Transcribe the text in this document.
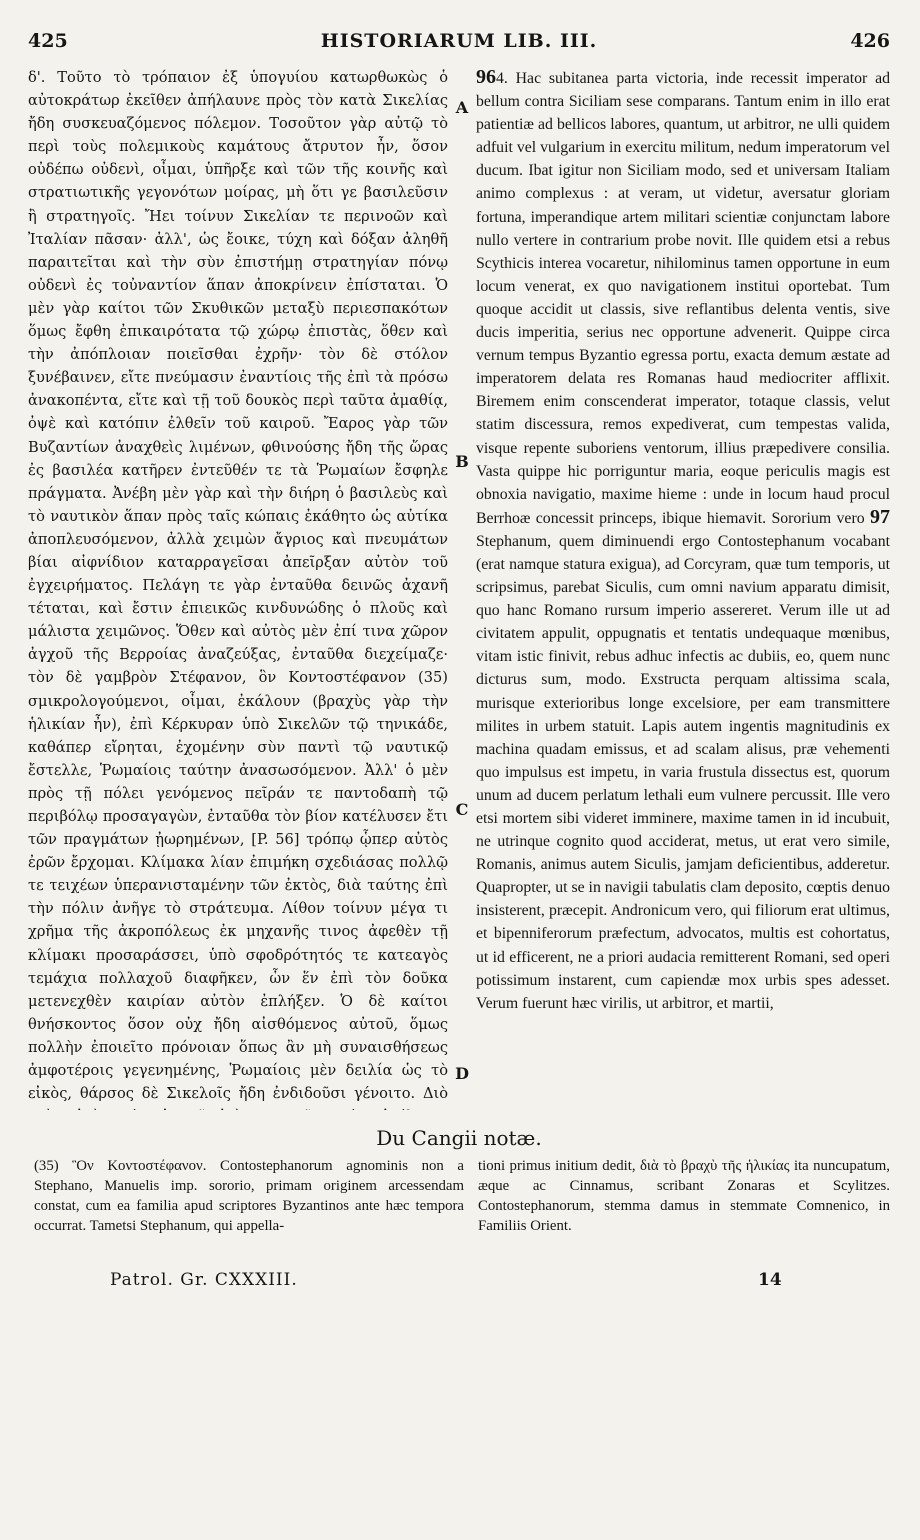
425	HISTORIARUM LIB. III.	426

δ'. Τοῦτο τὸ τρόπαιον ἐξ ὑπογυίου κατωρθωκὼς ὁ αὐτοκράτωρ ἐκεῖθεν ἀπήλαυνε πρὸς τὸν κατὰ Σικελίας ἤδη συσκευαζόμενος πόλεμον. Τοσοῦτον γὰρ αὐτῷ τὸ περὶ τοὺς πολεμικοὺς καμάτους ἄτρυτον ἦν, ὅσον οὐδέπω οὐδενὶ, οἶμαι, ὑπῆρξε καὶ τῶν τῆς κοινῆς καὶ στρατιωτικῆς γεγονότων μοίρας, μὴ ὅτι γε βασιλεῦσιν ἢ στρατηγοῖς. Ἤει τοίνυν Σικελίαν τε περινοῶν καὶ Ἰταλίαν πᾶσαν· ἀλλ', ὡς ἔοικε, τύχη καὶ δόξαν ἀληθῆ παραιτεῖται καὶ τὴν σὺν ἐπιστήμῃ στρατηγίαν πόνῳ οὐδενὶ ἐς τοὐναντίον ἅπαν ἀποκρίνειν ἐπίσταται. Ὁ μὲν γὰρ καίτοι τῶν Σκυθικῶν μεταξὺ περιεσπακότων ὅμως ἔφθη ἐπικαιρότατα τῷ χώρῳ ἐπιστὰς, ὅθεν καὶ τὴν ἀπόπλοιαν ποιεῖσθαι ἐχρῆν· τὸν δὲ στόλον ξυνέβαινεν, εἴτε πνεύμασιν ἐναντίοις τῆς ἐπὶ τὰ πρόσω ἀνακοπέντα, εἴτε καὶ τῇ τοῦ δουκὸς περὶ ταῦτα ἀμαθίᾳ, ὀψὲ καὶ κατόπιν ἐλθεῖν τοῦ καιροῦ. Ἔαρος γὰρ τῶν Βυζαντίων ἀναχθεὶς λιμένων, φθινούσης ἤδη τῆς ὥρας ἐς βασιλέα κατῆρεν ἐντεῦθέν τε τὰ Ῥωμαίων ἔσφηλε πράγματα. Ἀνέβη μὲν γὰρ καὶ τὴν διήρη ὁ βασιλεὺς καὶ τὸ ναυτικὸν ἅπαν πρὸς ταῖς κώπαις ἐκάθητο ὡς αὐτίκα ἀποπλευσόμενον, ἀλλὰ χειμὼν ἄγριος καὶ πνευμάτων βίαι αἰφνίδιον καταρραγεῖσαι ἀπεῖρξαν αὐτὸν τοῦ ἐγχειρήματος. Πελάγη τε γὰρ ἐνταῦθα δεινῶς ἀχανῆ τέταται, καὶ ἔστιν ἐπιεικῶς κινδυνώδης ὁ πλοῦς καὶ μάλιστα χειμῶνος. Ὅθεν καὶ αὐτὸς μὲν ἐπί τινα χῶρον ἀγχοῦ τῆς Βερροίας ἀναζεύξας, ἐνταῦθα διεχείμαζε· τὸν δὲ γαμβρὸν Στέφανον, ὃν Κοντοστέφανον (35) σμικρολογούμενοι, οἶμαι, ἐκάλουν (βραχὺς γὰρ τὴν ἡλικίαν ἦν), ἐπὶ Κέρκυραν ὑπὸ Σικελῶν τῷ τηνικάδε, καθάπερ εἴρηται, ἐχομένην σὺν παντὶ τῷ ναυτικῷ ἔστελλε, Ῥωμαίοις ταύτην ἀνασωσόμενον. Ἀλλ' ὁ μὲν πρὸς τῇ πόλει γενόμενος πεῖράν τε παντοδαπὴ τῷ περιβόλῳ προσαγαγὼν, ἐνταῦθα τὸν βίον κατέλυσεν ἔτι τῶν πραγμάτων ᾐωρημένων, [P. 56] τρόπῳ ᾧπερ αὐτὸς ἐρῶν ἔρχομαι. Κλίμακα λίαν ἐπιμήκη σχεδιάσας πολλῷ τε τειχέων ὑπερανισταμένην τῶν ἐκτὸς, διὰ ταύτης ἐπὶ τὴν πόλιν ἀνῆγε τὸ στράτευμα. Λίθον τοίνυν μέγα τι χρῆμα τῆς ἀκροπόλεως ἐκ μηχανῆς τινος ἀφεθὲν τῇ κλίμακι προσαράσσει, ὑπὸ σφοδρότητός τε κατεαγὸς τεμάχια πολλαχοῦ διαφῆκεν, ὧν ἕν ἐπὶ τὸν δοῦκα μετενεχθὲν καιρίαν αὐτὸν ἐπλήξεν. Ὁ δὲ καίτοι θνήσκοντος ὅσον οὐχ ἤδη αἰσθόμενος αὐτοῦ, ὅμως πολλὴν ἐποιεῖτο πρόνοιαν ὅπως ἂν μὴ συναισθήσεως ἀμφοτέροις γεγενημένης, Ῥωμαίοις μὲν δειλία ὡς τὸ εἰκὸς, θάρσος δὲ Σικελοῖς ἤδη ἐνδιδοῦσι γένοιτο. Διὸ

A
B
C
D

964. Hac subitanea parta victoria, inde recessit imperator ad bellum contra Siciliam sese comparans. Tantum enim in illo erat patientiæ ad bellicos labores, quantum, ut arbitror, ne ulli quidem adfuit vel vulgarium in exercitu militum, nedum imperatorum vel ducum. Ibat igitur non Siciliam modo, sed et universam Italiam animo complexus : at veram, ut videtur, aversatur gloriam fortuna, imperandique artem militari scientiæ conjunctam labore nullo vertere in contrarium probe novit. Ille quidem etsi a rebus Scythicis interea vocaretur, nihilominus tamen opportune in eum locum venerat, ex quo navigationem institui oportebat. Tum quoque accidit ut classis, sive reflantibus delenta ventis, sive ducis imperitia, serius nec opportune advenerit. Quippe circa vernum tempus Byzantio egressa portu, exacta demum æstate ad imperatorem delata res Romanas haud mediocriter afflixit. Biremem enim conscenderat imperator, totaque classis, velut statim discessura, remos expediverat, cum tempestas valida, visque repente suboriens ventorum, illius præpedivere consilia. Vasta quippe hic porriguntur maria, eoque periculis magis est obnoxia navigatio, maxime hieme : unde in locum haud procul Berrhoæ concessit princeps, ibique hiemavit. Sororium vero 97 Stephanum, quem diminuendi ergo Contostephanum vocabant (erat namque statura exigua), ad Corcyram, quæ tum temporis, ut scripsimus, parebat Siculis, cum omni navium apparatu dimisit, quo hanc Romano rursum imperio assereret. Verum ille ut ad civitatem appulit, oppugnatis et tentatis undequaque mœnibus, vitam istic finivit, rebus adhuc infectis ac dubiis, eo, quem nunc dicturus sum, modo. Exstructa perquam altissima scala, murisque exterioribus longe excelsiore, per eam transmittere milites in urbem statuit. Lapis autem ingentis magnitudinis ex machina quadam emissus, et ad scalam alisus, præ vehementi quo impulsus est impetu, in varia frustula dissectus est, quorum unum ad ducem perlatum lethali eum vulnere percussit. Ille vero etsi mortem sibi videret imminere, maxime tamen in id incubuit, ne utrinque cognito quod acciderat, metus, ut erat vero simile, Romanis, animus autem Siculis, jamjam deficientibus, adderetur. Quapropter, ut se in navigii tabulatis clam deposito, cœptis denuo insisterent, præcepit. Andronicum vero, qui filiorum erat ultimus, et bipenniferorum præfectum, advocatos, multis est cohortatus, ut id efficerent, ne a priori audacia remitterent Romani, sed operi potissimum instarent, cum capiendæ mox urbis spes adesset. Verum fuerunt hæc virilis, ut arbitror, et martii,

Du Cangii notæ.

(35) Ὃν Κοντοστέφανον. Contostephanorum agnominis non a Stephano, Manuelis imp. sororio, primam originem arcessendam constat, cum ea familia apud scriptores Byzantinos ante hæc tempora occurrat. Tametsi Stephanum, qui appella-

tioni primus initium dedit, διὰ τὸ βραχὺ τῆς ἡλικίας ita nuncupatum, æque ac Cinnamus, scribant Zonaras et Scylitzes. Contostephanorum, stemma damus in stemmate Comnenico, in Familiis Orient.

Patrol. Gr. CXXXIII.	14
